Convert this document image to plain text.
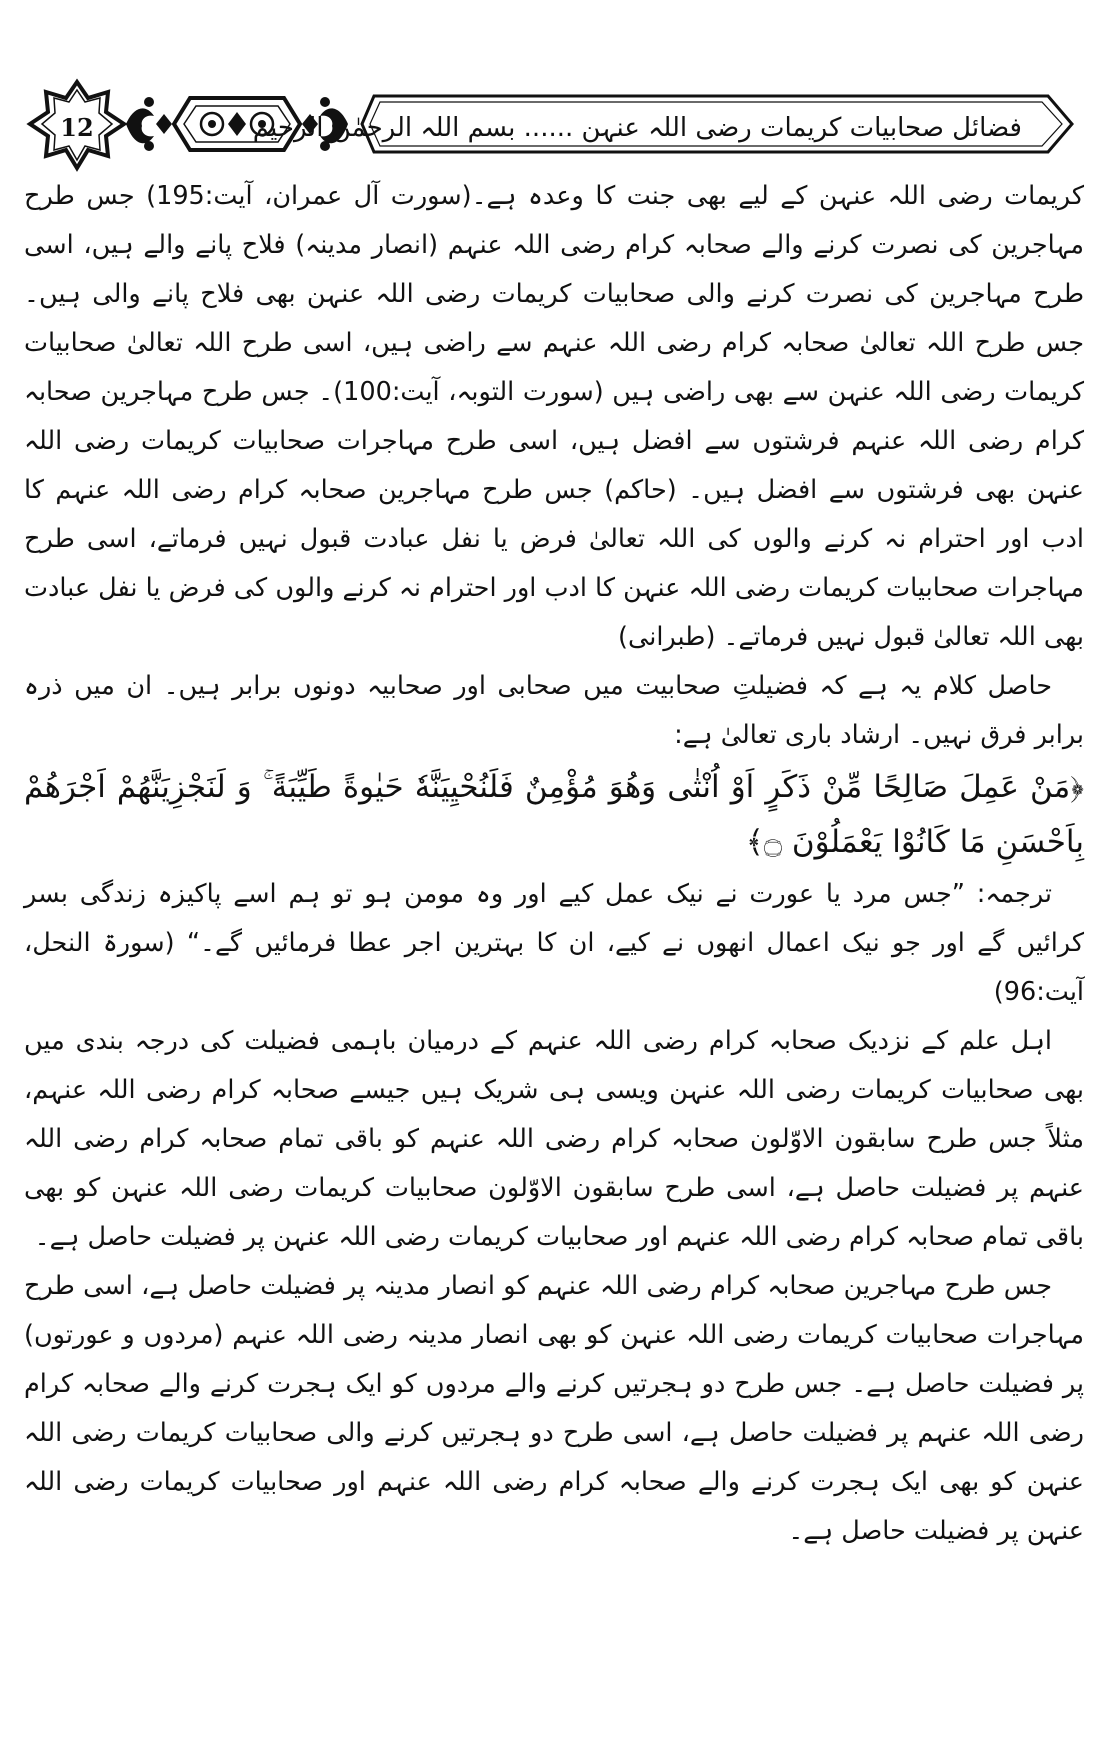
12	فضائل صحابیات کریمات رضی اللہ عنہن ...... بسم اللہ الرحمٰن الرحیم

کریمات رضی اللہ عنہن کے لیے بھی جنت کا وعدہ ہے۔(سورت آل عمران، آیت:195) جس طرح مہاجرین کی نصرت کرنے والے صحابہ کرام رضی اللہ عنہم (انصار مدینہ) فلاح پانے والے ہیں، اسی طرح مہاجرین کی نصرت کرنے والی صحابیات کریمات رضی اللہ عنہن بھی فلاح پانے والی ہیں۔ جس طرح اللہ تعالیٰ صحابہ کرام رضی اللہ عنہم سے راضی ہیں، اسی طرح اللہ تعالیٰ صحابیات کریمات رضی اللہ عنہن سے بھی راضی ہیں (سورت التوبہ، آیت:100)۔ جس طرح مہاجرین صحابہ کرام رضی اللہ عنہم فرشتوں سے افضل ہیں، اسی طرح مہاجرات صحابیات کریمات رضی اللہ عنہن بھی فرشتوں سے افضل ہیں۔ (حاکم) جس طرح مہاجرین صحابہ کرام رضی اللہ عنہم کا ادب اور احترام نہ کرنے والوں کی اللہ تعالیٰ فرض یا نفل عبادت قبول نہیں فرماتے، اسی طرح مہاجرات صحابیات کریمات رضی اللہ عنہن کا ادب اور احترام نہ کرنے والوں کی فرض یا نفل عبادت بھی اللہ تعالیٰ قبول نہیں فرماتے۔ (طبرانی)

حاصل کلام یہ ہے کہ فضیلتِ صحابیت میں صحابی اور صحابیہ دونوں برابر ہیں۔ ان میں ذرہ برابر فرق نہیں۔ ارشاد باری تعالیٰ ہے:

﴿مَنْ عَمِلَ صَالِحًا مِّنْ ذَكَرٍ اَوْ اُنْثٰى وَهُوَ مُؤْمِنٌ فَلَنُحْيِيَنَّهٗ حَيٰوةً طَيِّبَةً ۚ وَ لَنَجْزِيَنَّهُمْ اَجْرَهُمْ بِاَحْسَنِ مَا كَانُوْا يَعْمَلُوْنَ ۝﴾

ترجمہ: ”جس مرد یا عورت نے نیک عمل کیے اور وہ مومن ہو تو ہم اسے پاکیزہ زندگی بسر کرائیں گے اور جو نیک اعمال انھوں نے کیے، ان کا بہترین اجر عطا فرمائیں گے۔“ (سورۃ النحل، آیت:96)

اہل علم کے نزدیک صحابہ کرام رضی اللہ عنہم کے درمیان باہمی فضیلت کی درجہ بندی میں بھی صحابیات کریمات رضی اللہ عنہن ویسی ہی شریک ہیں جیسے صحابہ کرام رضی اللہ عنہم، مثلاً جس طرح سابقون الاوّلون صحابہ کرام رضی اللہ عنہم کو باقی تمام صحابہ کرام رضی اللہ عنہم پر فضیلت حاصل ہے، اسی طرح سابقون الاوّلون صحابیات کریمات رضی اللہ عنہن کو بھی باقی تمام صحابہ کرام رضی اللہ عنہم اور صحابیات کریمات رضی اللہ عنہن پر فضیلت حاصل ہے۔

جس طرح مہاجرین صحابہ کرام رضی اللہ عنہم کو انصار مدینہ پر فضیلت حاصل ہے، اسی طرح مہاجرات صحابیات کریمات رضی اللہ عنہن کو بھی انصار مدینہ رضی اللہ عنہم (مردوں و عورتوں) پر فضیلت حاصل ہے۔ جس طرح دو ہجرتیں کرنے والے مردوں کو ایک ہجرت کرنے والے صحابہ کرام رضی اللہ عنہم پر فضیلت حاصل ہے، اسی طرح دو ہجرتیں کرنے والی صحابیات کریمات رضی اللہ عنہن کو بھی ایک ہجرت کرنے والے صحابہ کرام رضی اللہ عنہم اور صحابیات کریمات رضی اللہ عنہن پر فضیلت حاصل ہے۔
